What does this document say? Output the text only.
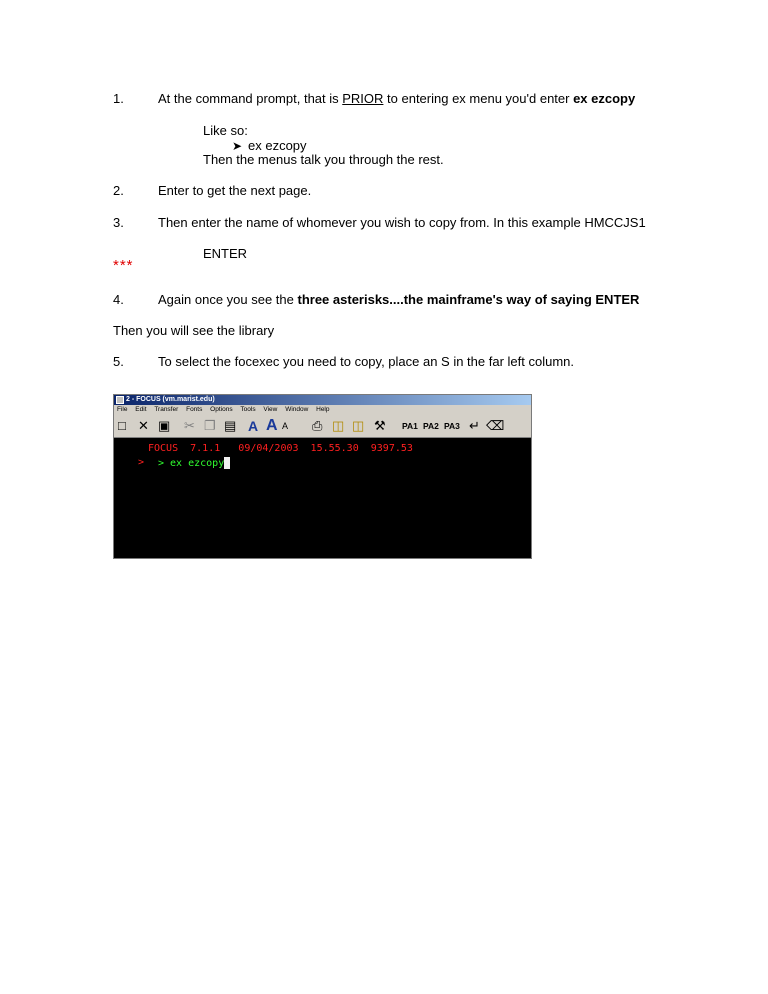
1.	At the command prompt, that is PRIOR to entering ex menu you'd enter ex ezcopy
Like so:
➤ ex ezcopy
Then the menus talk you through the rest.
2.	Enter to get the next page.
3.	Then enter the name of whomever you wish to copy from. In this example HMCCJS1
ENTER
***
4.	Again once you see the three asterisks....the mainframe's way of saying ENTER
Then you will see the library
5.	To select the focexec you need to copy, place an S in the far left column.
2 - FOCUS (vm.marist.edu)
File Edit Transfer Fonts Options Tools View Window Help
□ ✕ ▣ ✂ ❐ ▤ A A A ⎙ ◫ ◫ ⚒ PA1 PA2 PA3 ↵ ⌫
FOCUS  7.1.1   09/04/2003  15.55.30  9397.53
> > ex ezcopy
